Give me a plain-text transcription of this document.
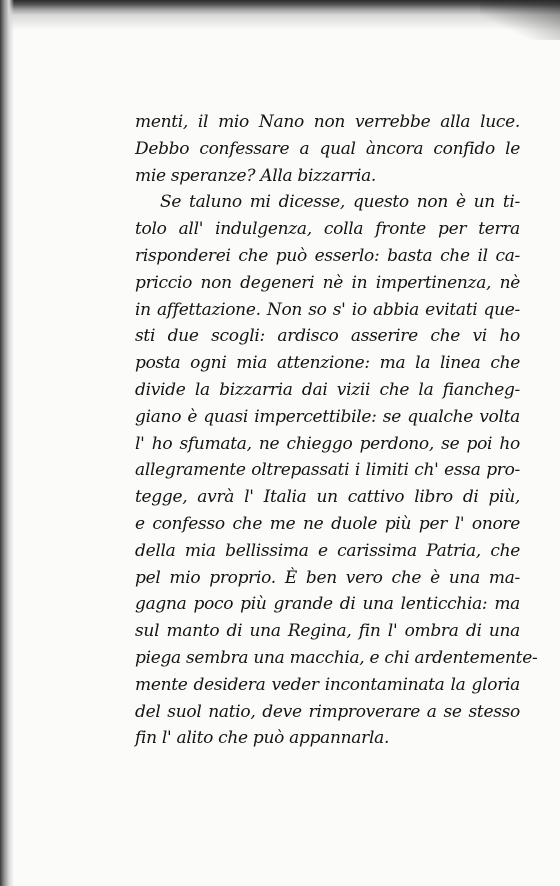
menti, il mio Nano non verrebbe alla luce.
Debbo confessare a qual àncora confido le
mie speranze? Alla bizzarria.
Se taluno mi dicesse, questo non è un ti-
tolo all' indulgenza, colla fronte per terra
risponderei che può esserlo: basta che il ca-
priccio non degeneri nè in impertinenza, nè
in affettazione. Non so s' io abbia evitati que-
sti due scogli: ardisco asserire che vi ho
posta ogni mia attenzione: ma la linea che
divide la bizzarria dai vizii che la fiancheg-
giano è quasi impercettibile: se qualche volta
l' ho sfumata, ne chieggo perdono, se poi ho
allegramente oltrepassati i limiti ch' essa pro-
tegge, avrà l' Italia un cattivo libro di più,
e confesso che me ne duole più per l' onore
della mia bellissima e carissima Patria, che
pel mio proprio. È ben vero che è una ma-
gagna poco più grande di una lenticchia: ma
sul manto di una Regina, fin l' ombra di una
piega sembra una macchia, e chi ardentemente-
mente desidera veder incontaminata la gloria
del suol natio, deve rimproverare a se stesso
fin l' alito che può appannarla.
